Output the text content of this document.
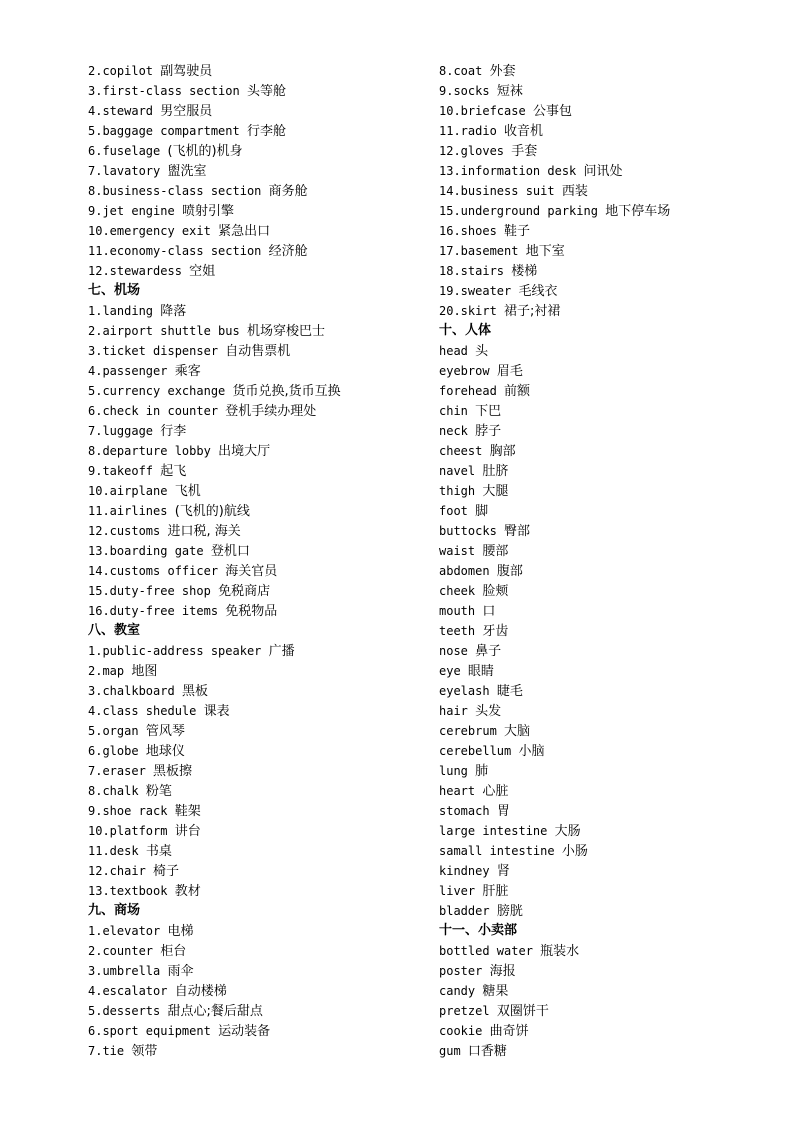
2.copilot 副驾驶员
3.first-class section 头等舱
4.steward 男空服员
5.baggage compartment 行李舱
6.fuselage (飞机的)机身
7.lavatory 盥洗室
8.business-class section 商务舱
9.jet engine 喷射引擎
10.emergency exit 紧急出口
11.economy-class section 经济舱
12.stewardess 空姐
七、机场
1.landing 降落
2.airport shuttle bus 机场穿梭巴士
3.ticket dispenser 自动售票机
4.passenger 乘客
5.currency exchange 货币兑换,货币互换
6.check in counter 登机手续办理处
7.luggage 行李
8.departure lobby 出境大厅
9.takeoff 起飞
10.airplane 飞机
11.airlines (飞机的)航线
12.customs 进口税, 海关
13.boarding gate 登机口
14.customs officer 海关官员
15.duty-free shop 免税商店
16.duty-free items 免税物品
八、教室
1.public-address speaker 广播
2.map 地图
3.chalkboard 黑板
4.class shedule 课表
5.organ 管风琴
6.globe 地球仪
7.eraser 黑板擦
8.chalk 粉笔
9.shoe rack 鞋架
10.platform 讲台
11.desk 书桌
12.chair 椅子
13.textbook 教材
九、商场
1.elevator 电梯
2.counter 柜台
3.umbrella 雨伞
4.escalator 自动楼梯
5.desserts 甜点心;餐后甜点
6.sport equipment 运动装备
7.tie 领带
8.coat 外套
9.socks 短袜
10.briefcase 公事包
11.radio 收音机
12.gloves 手套
13.information desk 问讯处
14.business suit 西装
15.underground parking 地下停车场
16.shoes 鞋子
17.basement 地下室
18.stairs 楼梯
19.sweater 毛线衣
20.skirt 裙子;衬裙
十、人体
head 头
eyebrow 眉毛
forehead 前额
chin 下巴
neck 脖子
cheest 胸部
navel 肚脐
thigh 大腿
foot 脚
buttocks 臀部
waist 腰部
abdomen 腹部
cheek 脸颊
mouth 口
teeth 牙齿
nose 鼻子
eye 眼睛
eyelash 睫毛
hair 头发
cerebrum 大脑
cerebellum 小脑
lung 肺
heart 心脏
stomach 胃
large intestine 大肠
samall intestine 小肠
kindney 肾
liver 肝脏
bladder 膀胱
十一、小卖部
bottled water 瓶装水
poster 海报
candy 糖果
pretzel 双圈饼干
cookie 曲奇饼
gum 口香糖
